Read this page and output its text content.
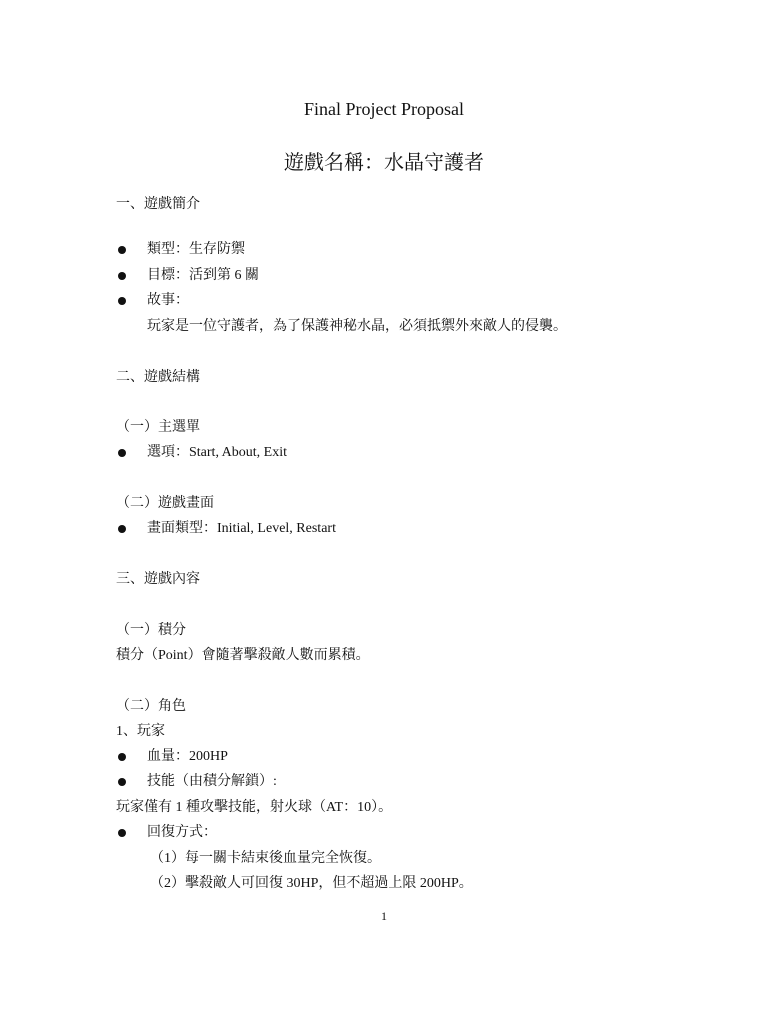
Final Project Proposal
遊戲名稱：水晶守護者
一、遊戲簡介
類型：生存防禦
目標：活到第 6 關
故事：
玩家是一位守護者，為了保護神秘水晶，必須抵禦外來敵人的侵襲。
二、遊戲結構
（一）主選單
選項：Start, About, Exit
（二）遊戲畫面
畫面類型：Initial, Level, Restart
三、遊戲內容
（一）積分
積分（Point）會隨著擊殺敵人數而累積。
（二）角色
1、玩家
血量：200HP
技能（由積分解鎖）:
玩家僅有 1 種攻擊技能，射火球（AT：10）。
回復方式：
（1）每一關卡結束後血量完全恢復。
（2）擊殺敵人可回復 30HP，但不超過上限 200HP。
1
